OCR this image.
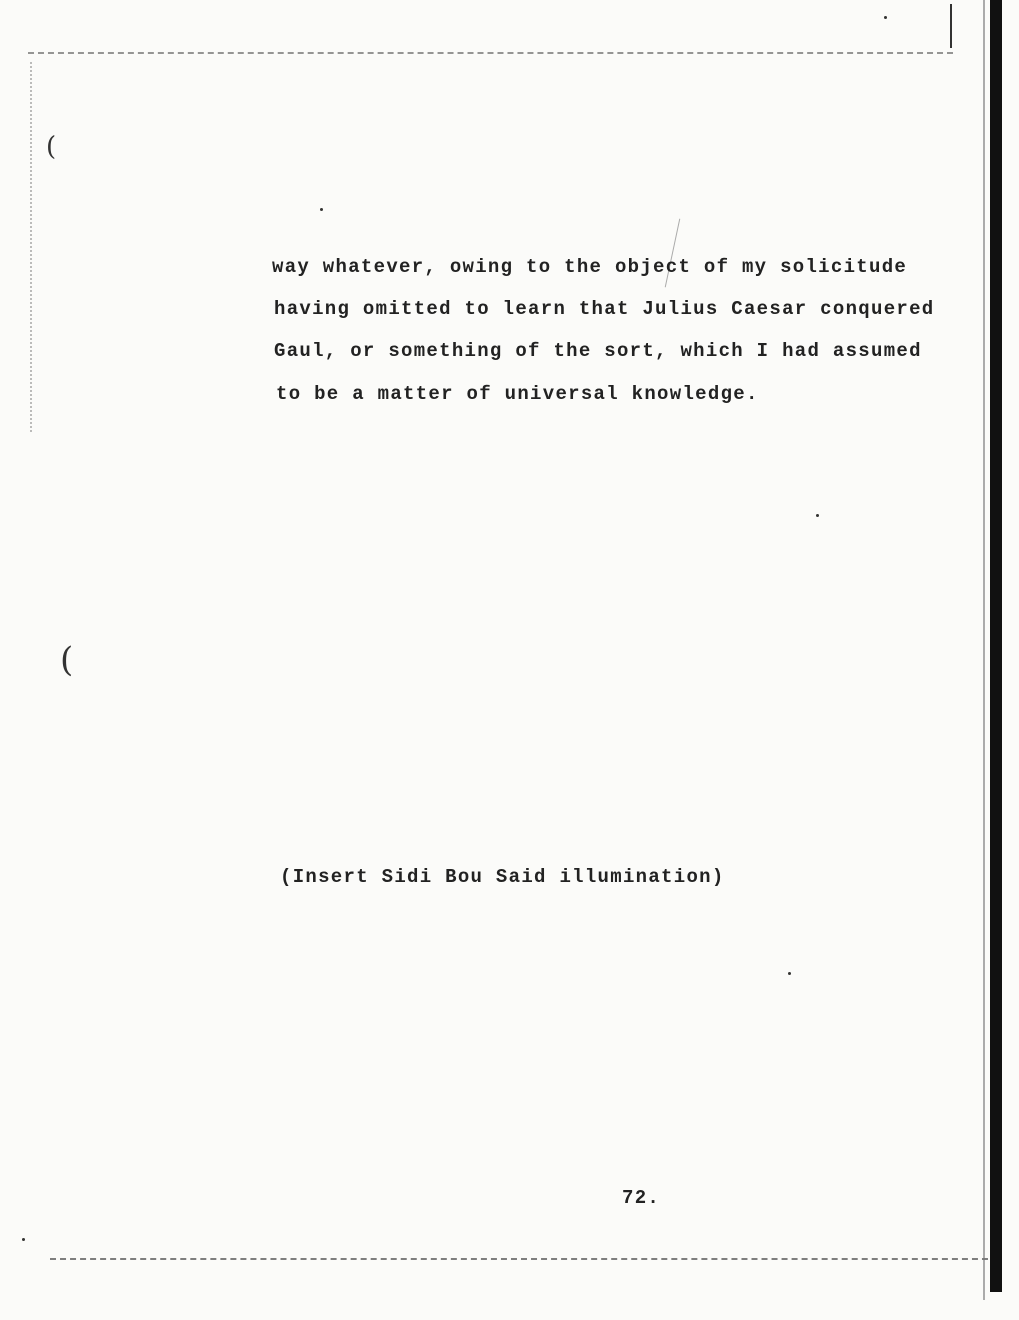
(
(
way whatever, owing to the object of my solicitude
having omitted to learn that Julius Caesar conquered
Gaul, or something of the sort, which I had assumed
to be a matter of universal knowledge.
(Insert Sidi Bou Said illumination)
72.
